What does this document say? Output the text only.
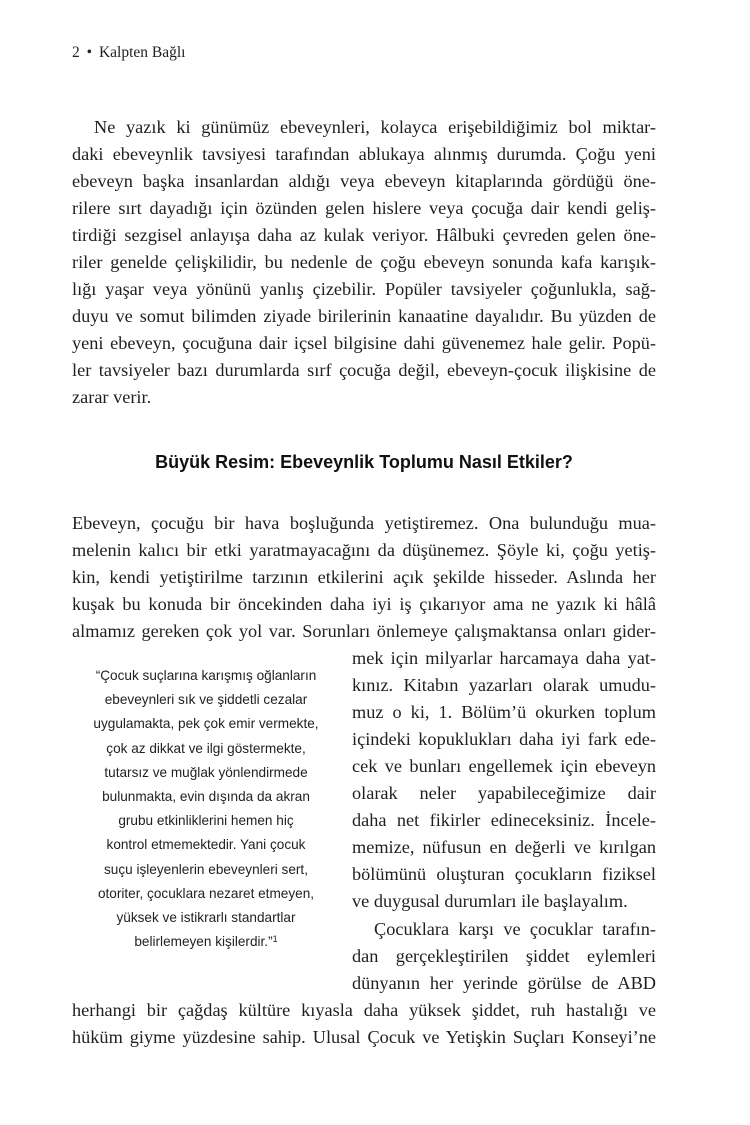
2 • Kalpten Bağlı
Ne yazık ki günümüz ebeveynleri, kolayca erişebildiğimiz bol miktar-
daki ebeveynlik tavsiyesi tarafından ablukaya alınmış durumda. Çoğu yeni
ebeveyn başka insanlardan aldığı veya ebeveyn kitaplarında gördüğü öne-
rilere sırt dayadığı için özünden gelen hislere veya çocuğa dair kendi geliş-
tirdiği sezgisel anlayışa daha az kulak veriyor. Hâlbuki çevreden gelen öne-
riler genelde çelişkilidir, bu nedenle de çoğu ebeveyn sonunda kafa karışık-
lığı yaşar veya yönünü yanlış çizebilir. Popüler tavsiyeler çoğunlukla, sağ-
duyu ve somut bilimden ziyade birilerinin kanaatine dayalıdır. Bu yüzden de
yeni ebeveyn, çocuğuna dair içsel bilgisine dahi güvenemez hale gelir. Popü-
ler tavsiyeler bazı durumlarda sırf çocuğa değil, ebeveyn-çocuk ilişkisine de
zarar verir.
Büyük Resim: Ebeveynlik Toplumu Nasıl Etkiler?
Ebeveyn, çocuğu bir hava boşluğunda yetiştiremez. Ona bulunduğu mua-
melenin kalıcı bir etki yaratmayacağını da düşünemez. Şöyle ki, çoğu yetiş-
kin, kendi yetiştirilme tarzının etkilerini açık şekilde hisseder. Aslında her
kuşak bu konuda bir öncekinden daha iyi iş çıkarıyor ama ne yazık ki hâlâ
almamız gereken çok yol var. Sorunları önlemeye çalışmaktansa onları gider-
mek için milyarlar harcamaya daha yat-
kınız. Kitabın yazarları olarak umudu-
muz o ki, 1. Bölüm’ü okurken toplum
içindeki kopuklukları daha iyi fark ede-
cek ve bunları engellemek için ebeveyn
olarak neler yapabileceğimize dair
daha net fikirler edineceksiniz. İncele-
memize, nüfusun en değerli ve kırılgan
bölümünü oluşturan çocukların fiziksel
ve duygusal durumları ile başlayalım.
Çocuklara karşı ve çocuklar tarafın-
dan gerçekleştirilen şiddet eylemleri
dünyanın her yerinde görülse de ABD
herhangi bir çağdaş kültüre kıyasla daha yüksek şiddet, ruh hastalığı ve
hüküm giyme yüzdesine sahip. Ulusal Çocuk ve Yetişkin Suçları Konseyi’ne
“Çocuk suçlarına karışmış oğlanların
ebeveynleri sık ve şiddetli cezalar
uygulamakta, pek çok emir vermekte,
çok az dikkat ve ilgi göstermekte,
tutarsız ve muğlak yönlendirmede
bulunmakta, evin dışında da akran
grubu etkinliklerini hemen hiç
kontrol etmemektedir. Yani çocuk
suçu işleyenlerin ebeveynleri sert,
otoriter, çocuklara nezaret etmeyen,
yüksek ve istikrarlı standartlar
belirlemeyen kişilerdir.”$^1$
